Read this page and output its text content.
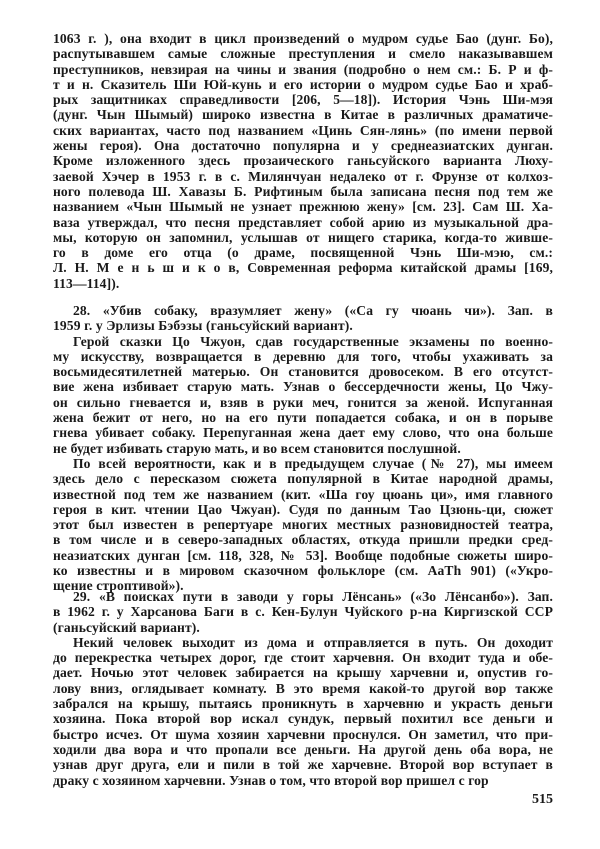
1063 г. ), она входит в цикл произведений о мудром судье Бао (дунг. Бо),
распутывавшем самые сложные преступления и смело наказывавшем
преступников, невзирая на чины и звания (подробно о нем см.: Б. Р и ф-
т и н. Сказитель Ши Юй-кунь и его истории о мудром судье Бао и храб-
рых защитниках справедливости [206, 5—18]). История Чэнь Ши-мэя
(дунг. Чын Шымый) широко известна в Китае в различных драматиче-
ских вариантах, часто под названием «Цинь Сян-лянь» (по имени первой
жены героя). Она достаточно популярна и у среднеазиатских дунган.
Кроме изложенного здесь прозаического ганьсуйского варианта Люху-
заевой Хэчер в 1953 г. в с. Милянчуан недалеко от г. Фрунзе от колхоз-
ного полевода Ш. Хавазы Б. Рифтиным была записана песня под тем же
названием «Чын Шымый не узнает прежнюю жену» [см. 23]. Сам Ш. Ха-
ваза утверждал, что песня представляет собой арию из музыкальной дра-
мы, которую он запомнил, услышав от нищего старика, когда-то живше-
го в доме его отца (о драме, посвященной Чэнь Ши-мэю, см.:
Л. Н. М е н ь ш и к о в, Современная реформа китайской драмы [169,
113—114]).
28. «Убив собаку, вразумляет жену» («Са гу чюань чи»). Зап. в
1959 г. у Эрлизы Бэбэзы (ганьсуйский вариант).
Герой сказки Цо Чжуон, сдав государственные экзамены по военно-
му искусству, возвращается в деревню для того, чтобы ухаживать за
восьмидесятилетней матерью. Он становится дровосеком. В его отсутст-
вие жена избивает старую мать. Узнав о бессердечности жены, Цо Чжу-
он сильно гневается и, взяв в руки меч, гонится за женой. Испуганная
жена бежит от него, но на его пути попадается собака, и он в порыве
гнева убивает собаку. Перепуганная жена дает ему слово, что она больше
не будет избивать старую мать, и во всем становится послушной.
По всей вероятности, как и в предыдущем случае (№ 27), мы имеем
здесь дело с пересказом сюжета популярной в Китае народной драмы,
известной под тем же названием (кит. «Ша гоу цюань ци», имя главного
героя в кит. чтении Цао Чжуан). Судя по данным Тао Цзюнь-ци, сюжет
этот был известен в репертуаре многих местных разновидностей театра,
в том числе и в северо-западных областях, откуда пришли предки сред-
неазиатских дунган [см. 118, 328, № 53]. Вообще подобные сюжеты широ-
ко известны и в мировом сказочном фольклоре (см. AaTh 901) («Укро-
щение строптивой»).
29. «В поисках пути в заводи у горы Лёнсань» («Зо Лёнсанбо»). Зап.
в 1962 г. у Харсанова Баги в с. Кен-Булун Чуйского р-на Киргизской ССР
(ганьсуйский вариант).
Некий человек выходит из дома и отправляется в путь. Он доходит
до перекрестка четырех дорог, где стоит харчевня. Он входит туда и обе-
дает. Ночью этот человек забирается на крышу харчевни и, опустив го-
лову вниз, оглядывает комнату. В это время какой-то другой вор также
забрался на крышу, пытаясь проникнуть в харчевню и украсть деньги
хозяина. Пока второй вор искал сундук, первый похитил все деньги и
быстро исчез. От шума хозяин харчевни проснулся. Он заметил, что при-
ходили два вора и что пропали все деньги. На другой день оба вора, не
узнав друг друга, ели и пили в той же харчевне. Второй вор вступает в
драку с хозяином харчевни. Узнав о том, что второй вор пришел с гор
515
